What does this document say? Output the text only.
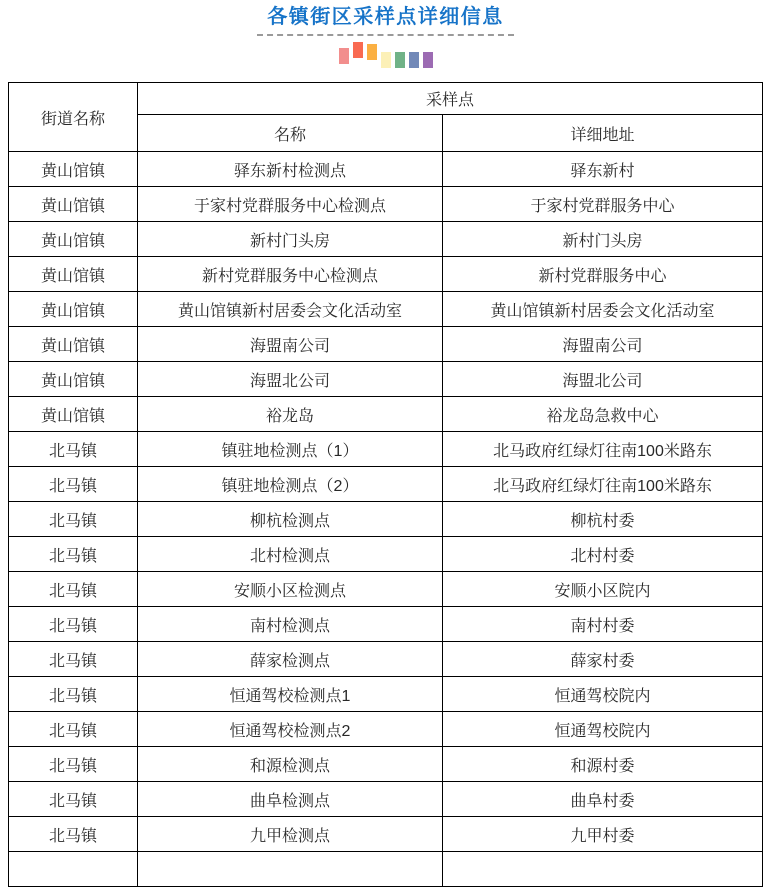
各镇街区采样点详细信息
街道名称	采样点	
	名称	详细地址
黄山馆镇	驿东新村检测点	驿东新村
黄山馆镇	于家村党群服务中心检测点	于家村党群服务中心
黄山馆镇	新村门头房	新村门头房
黄山馆镇	新村党群服务中心检测点	新村党群服务中心
黄山馆镇	黄山馆镇新村居委会文化活动室	黄山馆镇新村居委会文化活动室
黄山馆镇	海盟南公司	海盟南公司
黄山馆镇	海盟北公司	海盟北公司
黄山馆镇	裕龙岛	裕龙岛急救中心
北马镇	镇驻地检测点（1）	北马政府红绿灯往南100米路东
北马镇	镇驻地检测点（2）	北马政府红绿灯往南100米路东
北马镇	柳杭检测点	柳杭村委
北马镇	北村检测点	北村村委
北马镇	安顺小区检测点	安顺小区院内
北马镇	南村检测点	南村村委
北马镇	薛家检测点	薛家村委
北马镇	恒通驾校检测点1	恒通驾校院内
北马镇	恒通驾校检测点2	恒通驾校院内
北马镇	和源检测点	和源村委
北马镇	曲阜检测点	曲阜村委
北马镇	九甲检测点	九甲村委
